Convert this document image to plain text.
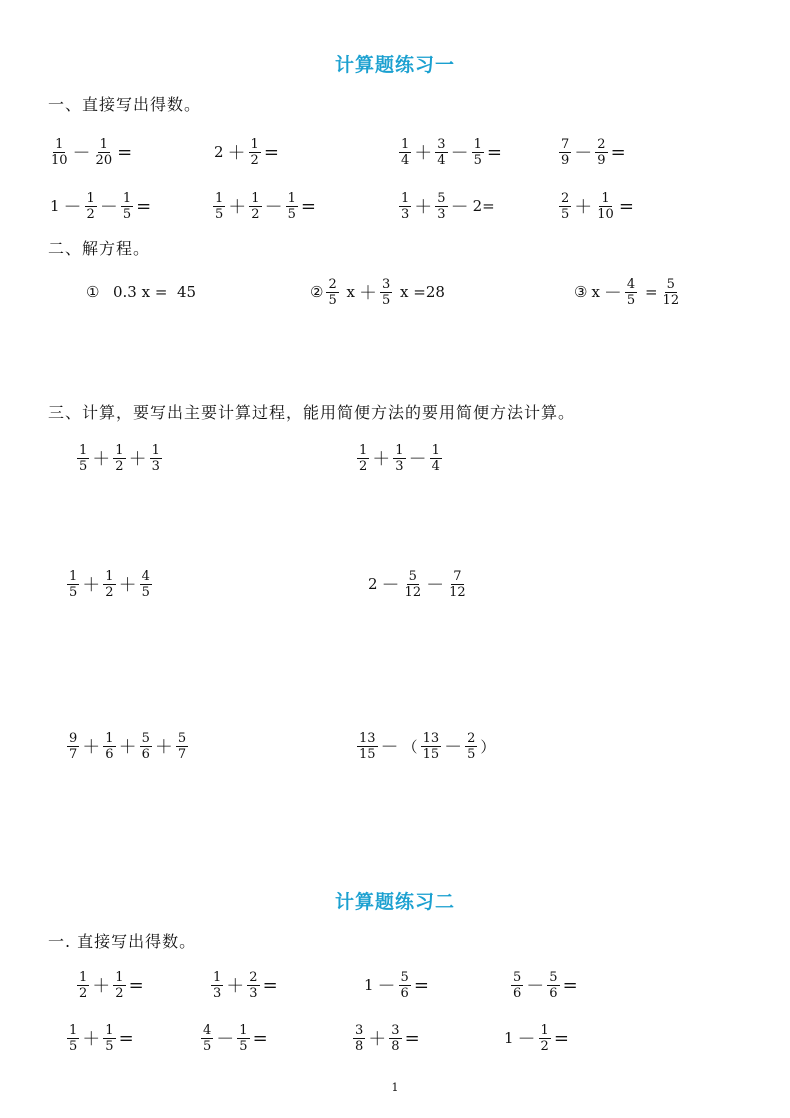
计算题练习一
一、直接写出得数。
$\frac{1}{10} - \frac{1}{20}$ =	$2 + \frac{1}{2}$ =	$\frac{1}{4} + \frac{3}{4} - \frac{1}{5}$ =	$\frac{7}{9} - \frac{2}{9}$ =
$1 - \frac{1}{2} - \frac{1}{5}$ =	$\frac{1}{5} + \frac{1}{2} - \frac{1}{5}$ =	$\frac{1}{3} + \frac{5}{3} - 2=$	$\frac{2}{5} + \frac{1}{10}$ =
二、解方程。
① 0.3 x =  45	② $\frac{2}{5}$ $x + \frac{3}{5}$ x =28	③ $x - \frac{4}{5} = \frac{5}{12}$
三、计算，要写出主要计算过程，能用简便方法的要用简便方法计算。
$\frac{1}{5} + \frac{1}{2} + \frac{1}{3}$	$\frac{1}{2} + \frac{1}{3} - \frac{1}{4}$
$\frac{1}{5} + \frac{1}{2} + \frac{4}{5}$	$2 - \frac{5}{12} - \frac{7}{12}$
$\frac{9}{7} + \frac{1}{6} + \frac{5}{6} + \frac{5}{7}$	$\frac{13}{15}$ － （ $\frac{13}{15} - \frac{2}{5}$ ）
计算题练习二
一. 直接写出得数。
$\frac{1}{2} + \frac{1}{2}$ =	$\frac{1}{3} + \frac{2}{3}$ =	$1 - \frac{5}{6}$ =	$\frac{5}{6} - \frac{5}{6}$ =
$\frac{1}{5} + \frac{1}{5}$ =	$\frac{4}{5} - \frac{1}{5}$ =	$\frac{3}{8} + \frac{3}{8}$ =	$1 - \frac{1}{2}$ =
1
